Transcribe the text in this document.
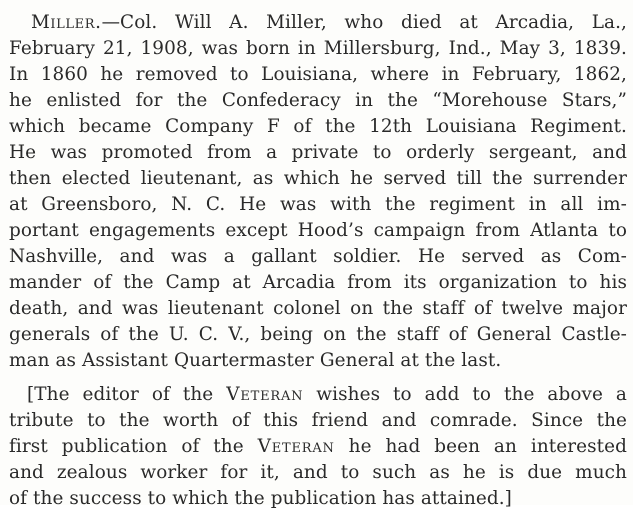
Miller.—Col. Will A. Miller, who died at Arcadia, La.,
February 21, 1908, was born in Millersburg, Ind., May 3, 1839.
In 1860 he removed to Louisiana, where in February, 1862,
he enlisted for the Confederacy in the “Morehouse Stars,”
which became Company F of the 12th Louisiana Regiment.
He was promoted from a private to orderly sergeant, and
then elected lieutenant, as which he served till the surrender
at Greensboro, N. C. He was with the regiment in all im-
portant engagements except Hood’s campaign from Atlanta to
Nashville, and was a gallant soldier. He served as Com-
mander of the Camp at Arcadia from its organization to his
death, and was lieutenant colonel on the staff of twelve major
generals of the U. C. V., being on the staff of General Castle-
man as Assistant Quartermaster General at the last.

[The editor of the Veteran wishes to add to the above a
tribute to the worth of this friend and comrade. Since the
first publication of the Veteran he had been an interested
and zealous worker for it, and to such as he is due much
of the success to which the publication has attained.]
